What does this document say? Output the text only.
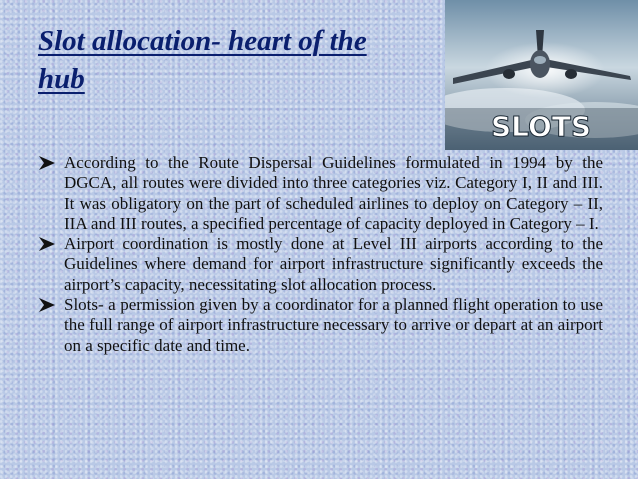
Slot allocation- heart of the hub
SLOTS
According to the Route Dispersal Guidelines formulated in 1994 by the DGCA, all routes were divided into three categories viz. Category I, II and III. It was obligatory on the part of scheduled airlines to deploy on Category – II, IIA and III routes, a specified percentage of capacity deployed in Category – I.
Airport coordination is mostly done at Level III airports according to the Guidelines where demand for airport infrastructure significantly exceeds the airport’s capacity, necessitating slot allocation process.
Slots- a permission given by a coordinator for a planned flight operation to use the full range of airport infrastructure necessary to arrive or depart at an airport on a specific date and time.
